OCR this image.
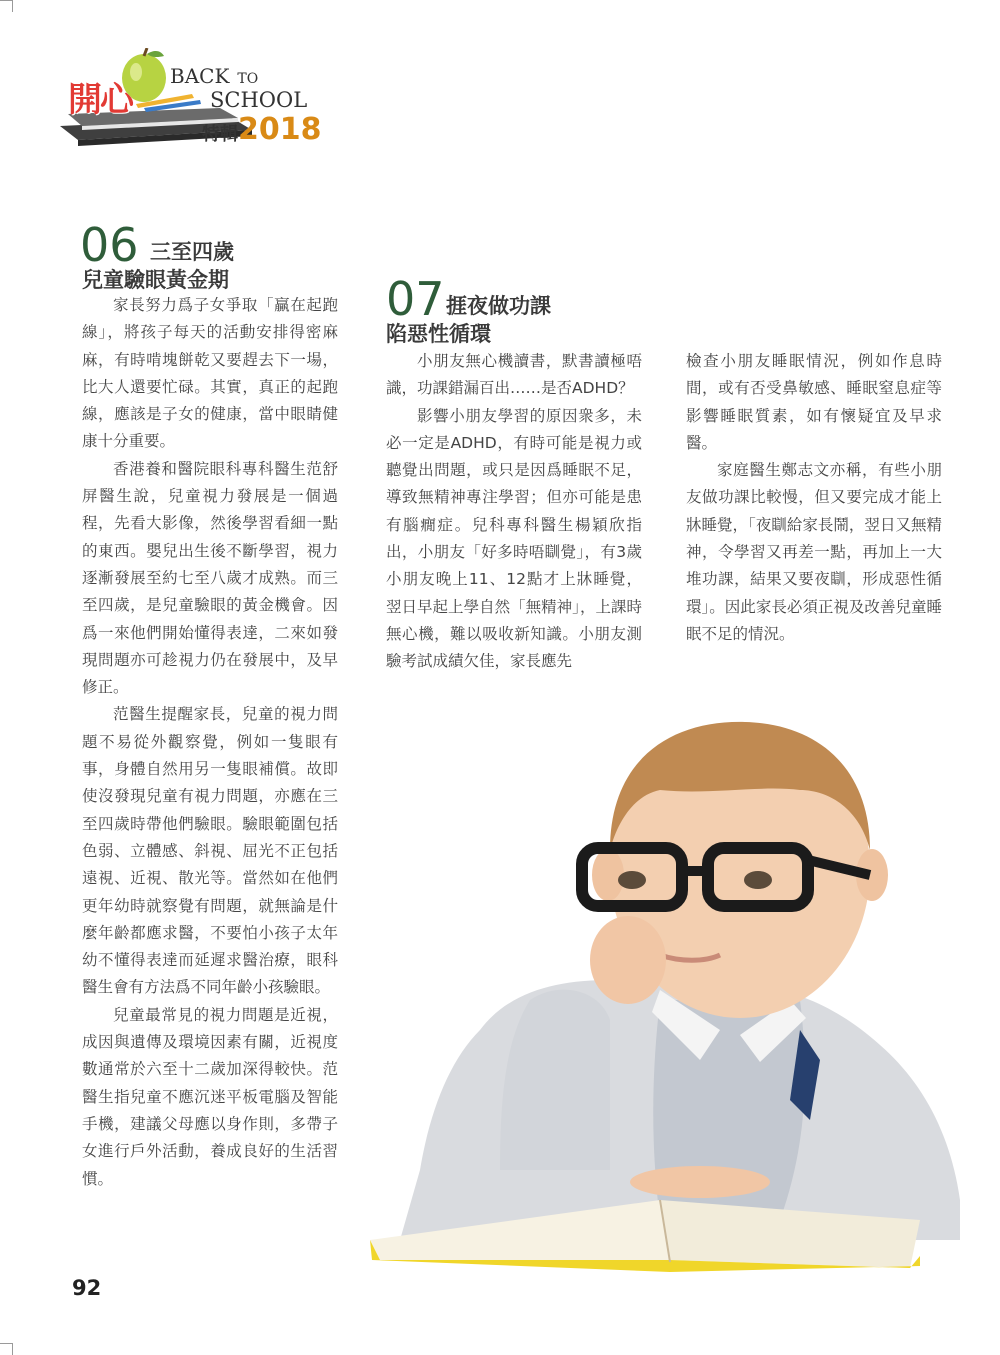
開心
BACK TO
SCHOOL
特輯 2018
06 三至四歲
兒童驗眼黃金期

家長努力爲子女爭取「贏在起跑線」，將孩子每天的活動安排得密麻麻，有時啃塊餅乾又要趕去下一場，比大人還要忙碌。其實，真正的起跑線，應該是子女的健康，當中眼睛健康十分重要。

香港養和醫院眼科專科醫生范舒屏醫生說，兒童視力發展是一個過程，先看大影像，然後學習看細一點的東西。嬰兒出生後不斷學習，視力逐漸發展至約七至八歲才成熟。而三至四歲，是兒童驗眼的黃金機會。因爲一來他們開始懂得表達，二來如發現問題亦可趁視力仍在發展中，及早修正。

范醫生提醒家長，兒童的視力問題不易從外觀察覺，例如一隻眼有事，身體自然用另一隻眼補償。故即使沒發現兒童有視力問題，亦應在三至四歲時帶他們驗眼。驗眼範圍包括色弱、立體感、斜視、屈光不正包括遠視、近視、散光等。當然如在他們更年幼時就察覺有問題，就無論是什麼年齡都應求醫，不要怕小孩子太年幼不懂得表達而延遲求醫治療，眼科醫生會有方法爲不同年齡小孩驗眼。

兒童最常見的視力問題是近視，成因與遺傳及環境因素有關，近視度數通常於六至十二歲加深得較快。范醫生指兒童不應沉迷平板電腦及智能手機，建議父母應以身作則，多帶子女進行戶外活動，養成良好的生活習慣。

07 捱夜做功課
陷惡性循環

小朋友無心機讀書，默書讀極唔識，功課錯漏百出……是否ADHD？

影響小朋友學習的原因衆多，未必一定是ADHD，有時可能是視力或聽覺出問題，或只是因爲睡眠不足，導致無精神專注學習；但亦可能是患有腦癇症。兒科專科醫生楊穎欣指出，小朋友「好多時唔瞓覺」，有3歲小朋友晚上11、12點才上牀睡覺，翌日早起上學自然「無精神」，上課時無心機，難以吸收新知識。小朋友測驗考試成績欠佳，家長應先

檢查小朋友睡眠情況，例如作息時間，或有否受鼻敏感、睡眠窒息症等影響睡眠質素，如有懷疑宜及早求醫。

家庭醫生鄭志文亦稱，有些小朋友做功課比較慢，但又要完成才能上牀睡覺，「夜瞓給家長鬧，翌日又無精神，令學習又再差一點，再加上一大堆功課，結果又要夜瞓，形成惡性循環」。因此家長必須正視及改善兒童睡眠不足的情況。

92
